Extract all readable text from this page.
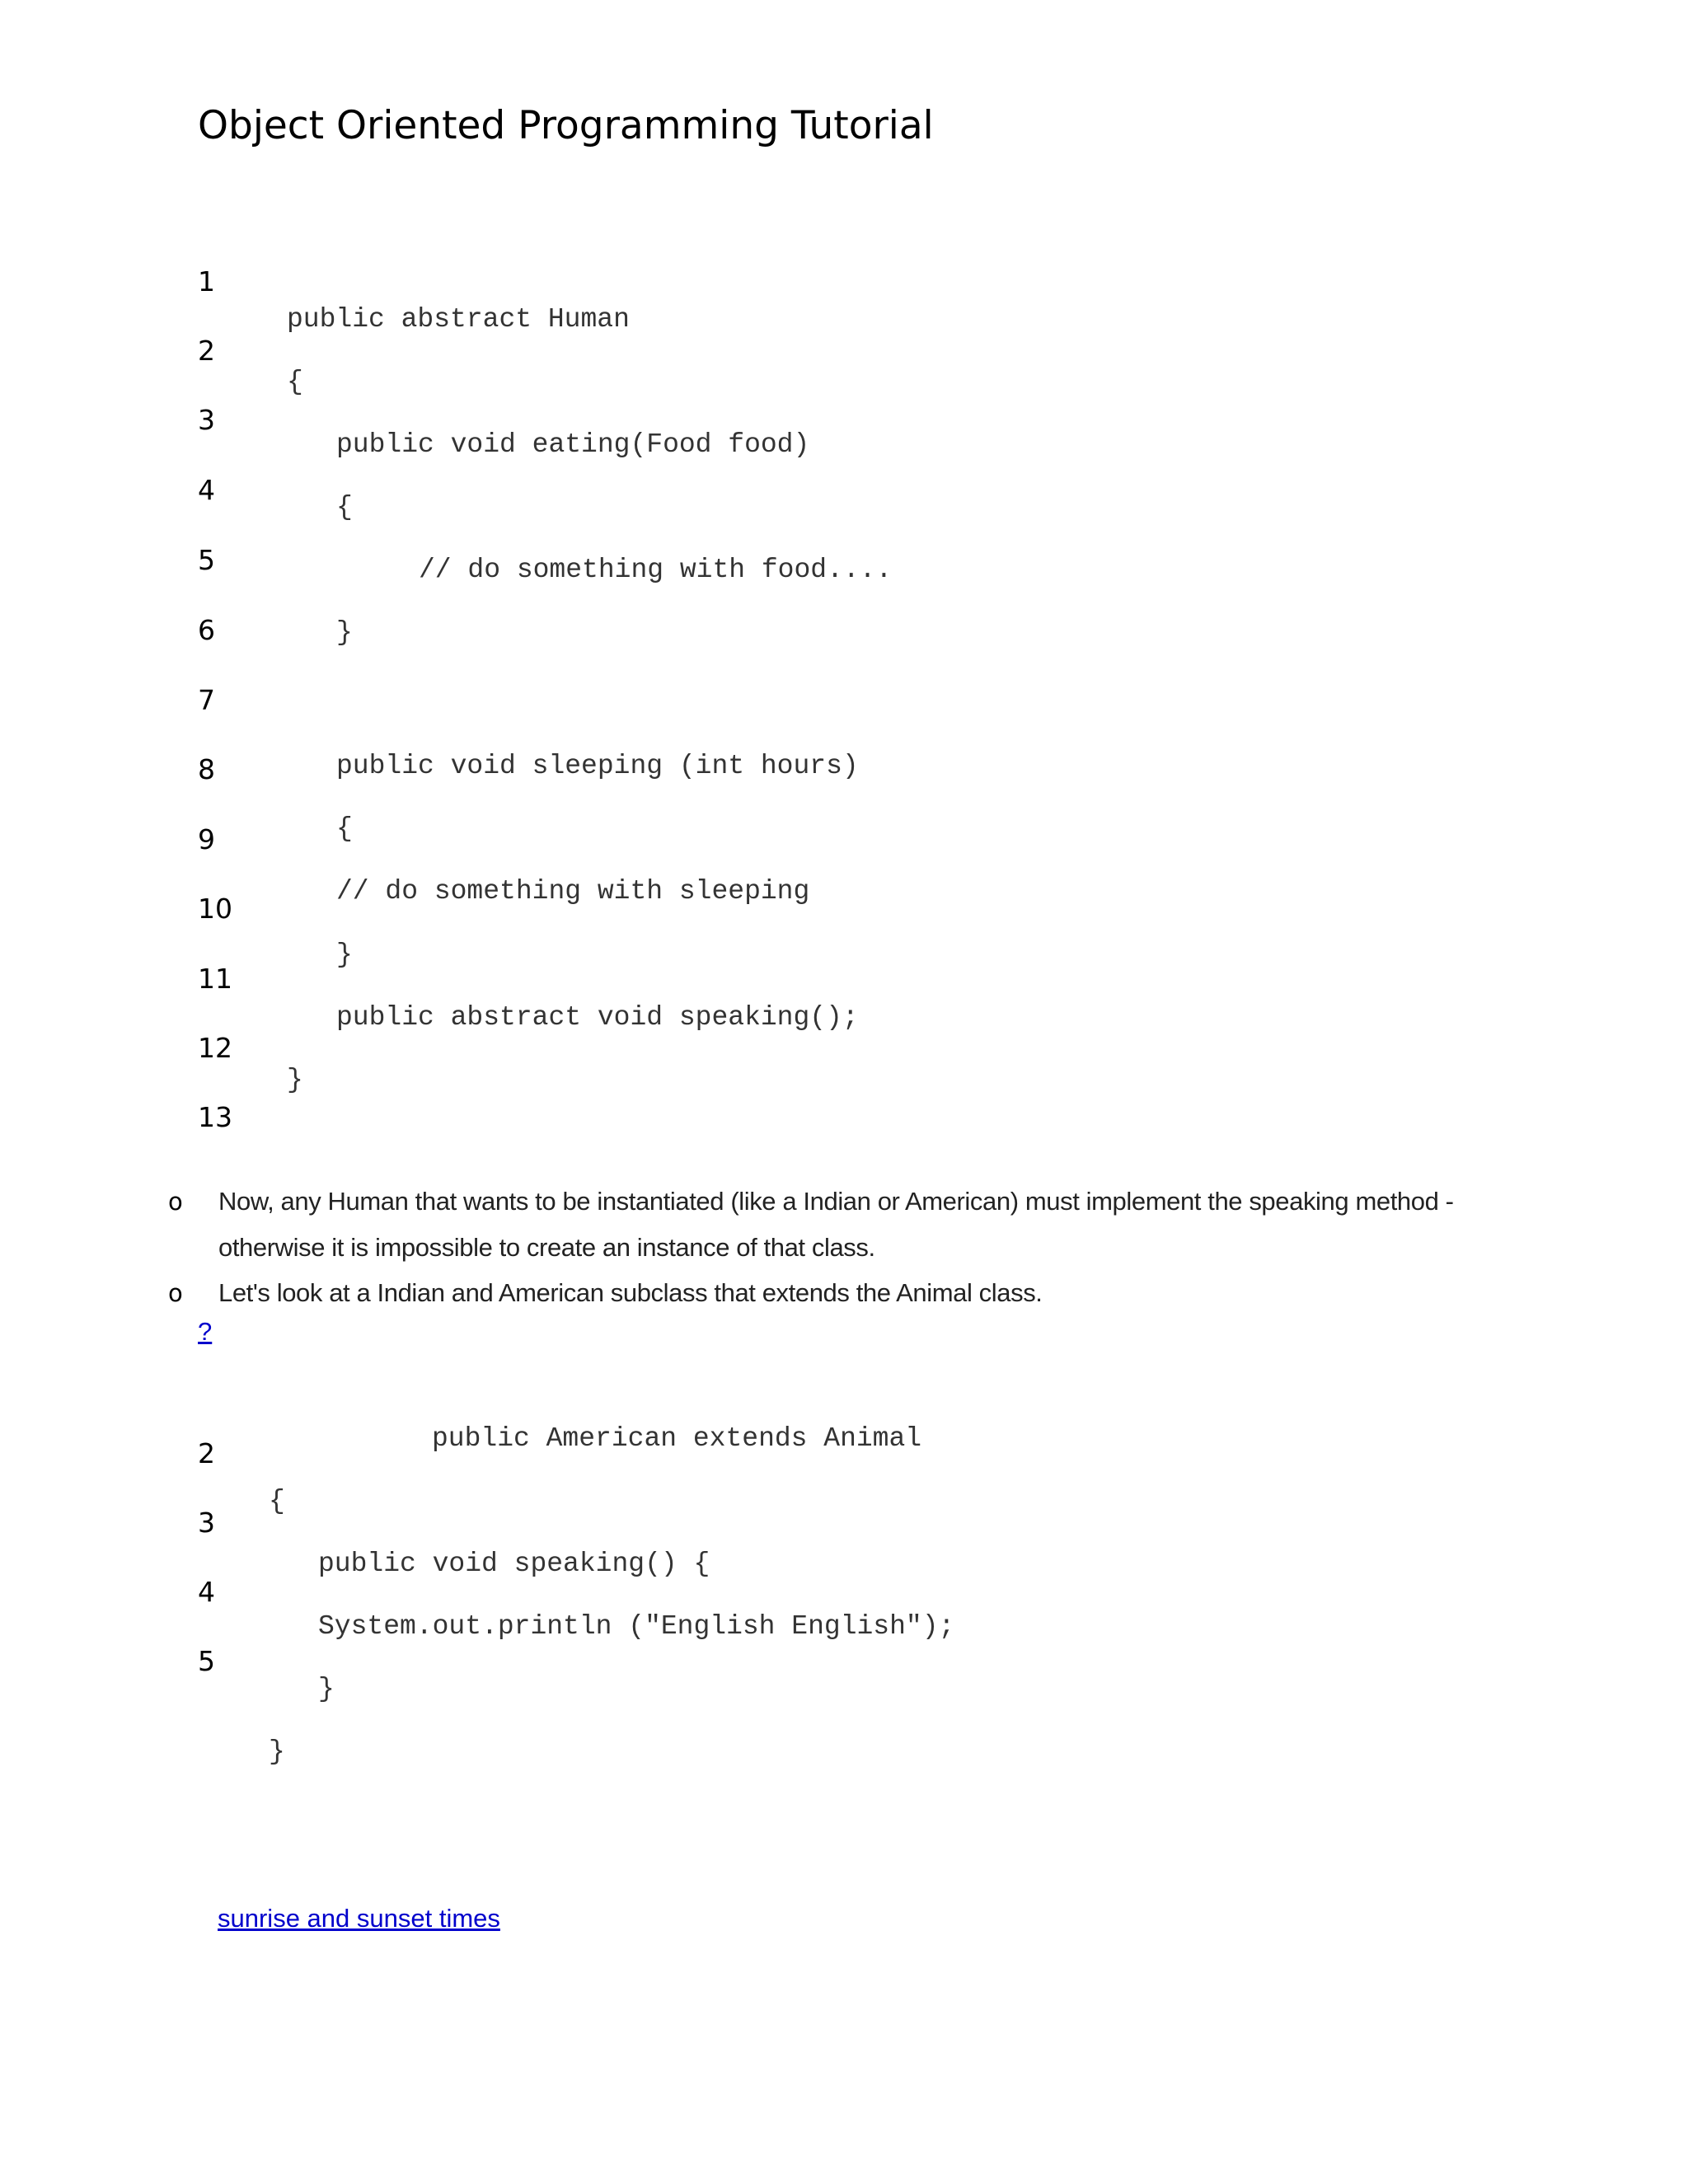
Object Oriented Programming Tutorial
1
2
3
4
5
6
7
8
9
10
11
12
13
public abstract Human
{
public void eating(Food food)
{
// do something with food....
}
public void sleeping (int hours)
{
// do something with sleeping
}
public abstract void speaking();
}
o Now, any Human that wants to be instantiated (like a Indian or American) must implement the speaking method -
otherwise it is impossible to create an instance of that class.
o Let's look at a Indian and American subclass that extends the Animal class.
?
2
3
4
5
public American extends Animal
{
public void speaking() {
System.out.println ("English English");
}
}
sunrise and sunset times
